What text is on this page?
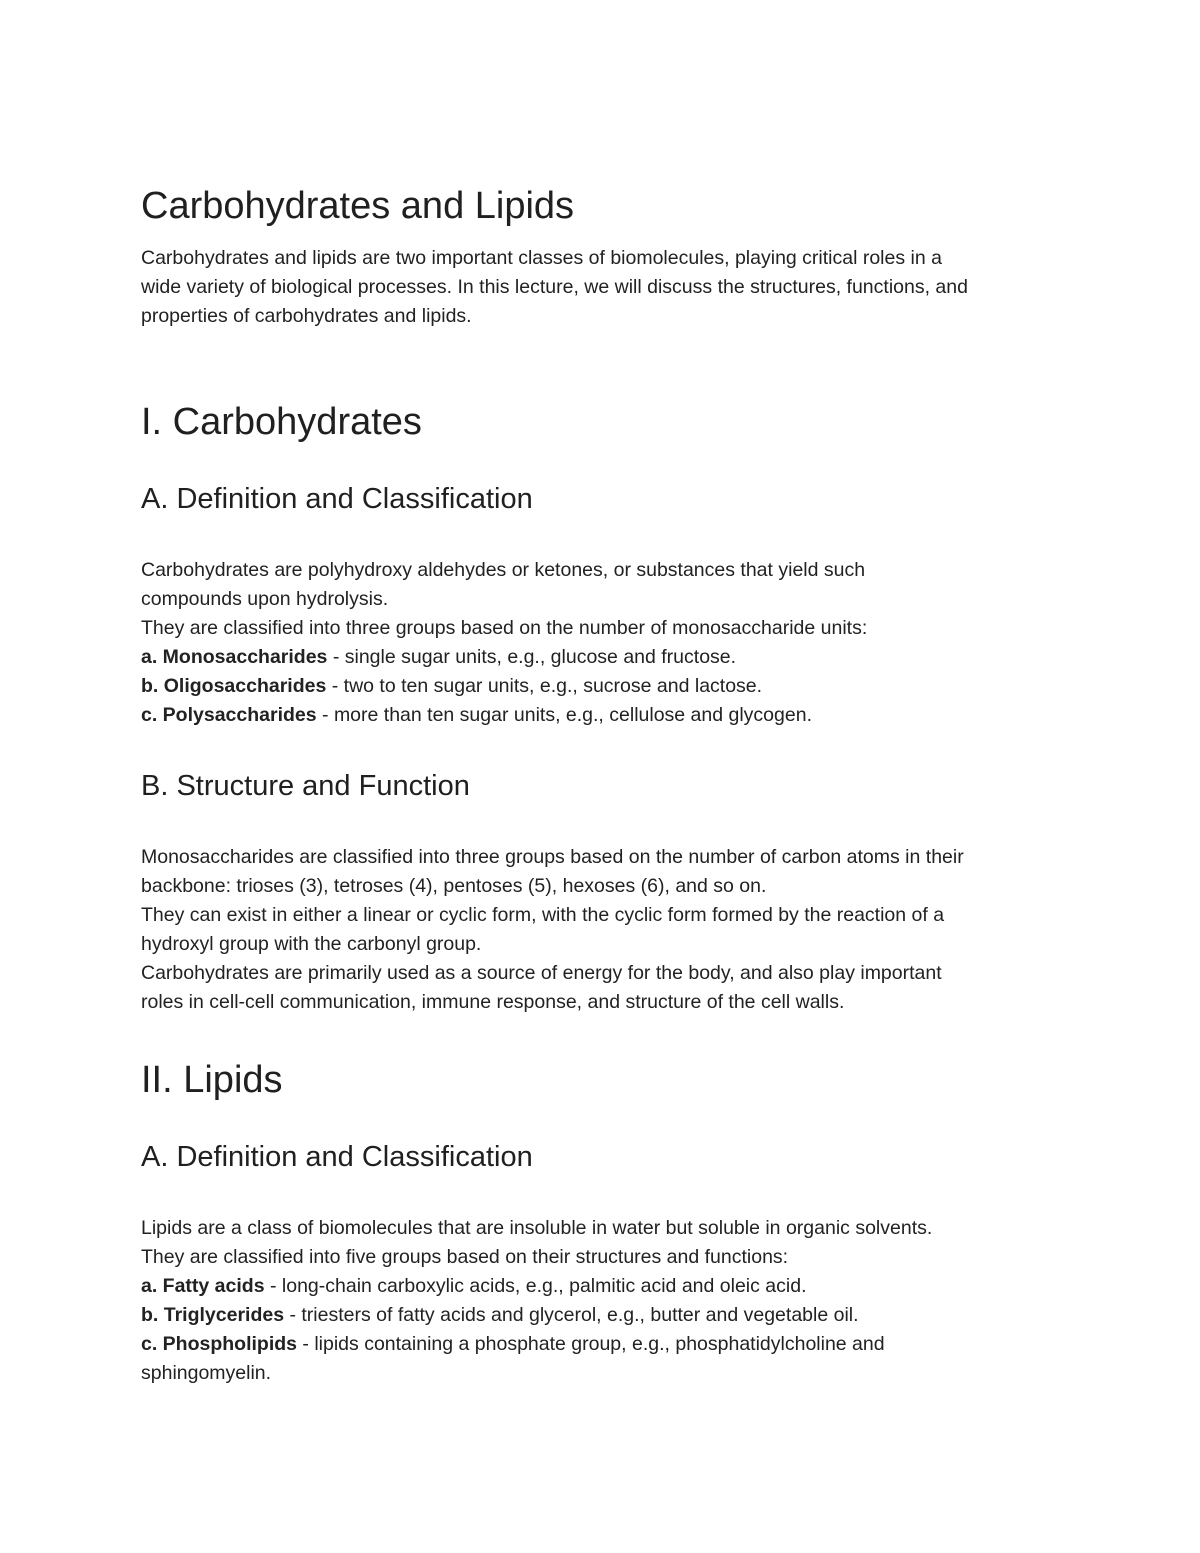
Carbohydrates and Lipids

Carbohydrates and lipids are two important classes of biomolecules, playing critical roles in a
wide variety of biological processes. In this lecture, we will discuss the structures, functions, and
properties of carbohydrates and lipids.

I. Carbohydrates
A. Definition and Classification

Carbohydrates are polyhydroxy aldehydes or ketones, or substances that yield such
compounds upon hydrolysis.
They are classified into three groups based on the number of monosaccharide units:
a. Monosaccharides - single sugar units, e.g., glucose and fructose.
b. Oligosaccharides - two to ten sugar units, e.g., sucrose and lactose.
c. Polysaccharides - more than ten sugar units, e.g., cellulose and glycogen.

B. Structure and Function

Monosaccharides are classified into three groups based on the number of carbon atoms in their
backbone: trioses (3), tetroses (4), pentoses (5), hexoses (6), and so on.
They can exist in either a linear or cyclic form, with the cyclic form formed by the reaction of a
hydroxyl group with the carbonyl group.
Carbohydrates are primarily used as a source of energy for the body, and also play important
roles in cell-cell communication, immune response, and structure of the cell walls.

II. Lipids
A. Definition and Classification

Lipids are a class of biomolecules that are insoluble in water but soluble in organic solvents.
They are classified into five groups based on their structures and functions:
a. Fatty acids - long-chain carboxylic acids, e.g., palmitic acid and oleic acid.
b. Triglycerides - triesters of fatty acids and glycerol, e.g., butter and vegetable oil.
c. Phospholipids - lipids containing a phosphate group, e.g., phosphatidylcholine and
sphingomyelin.
